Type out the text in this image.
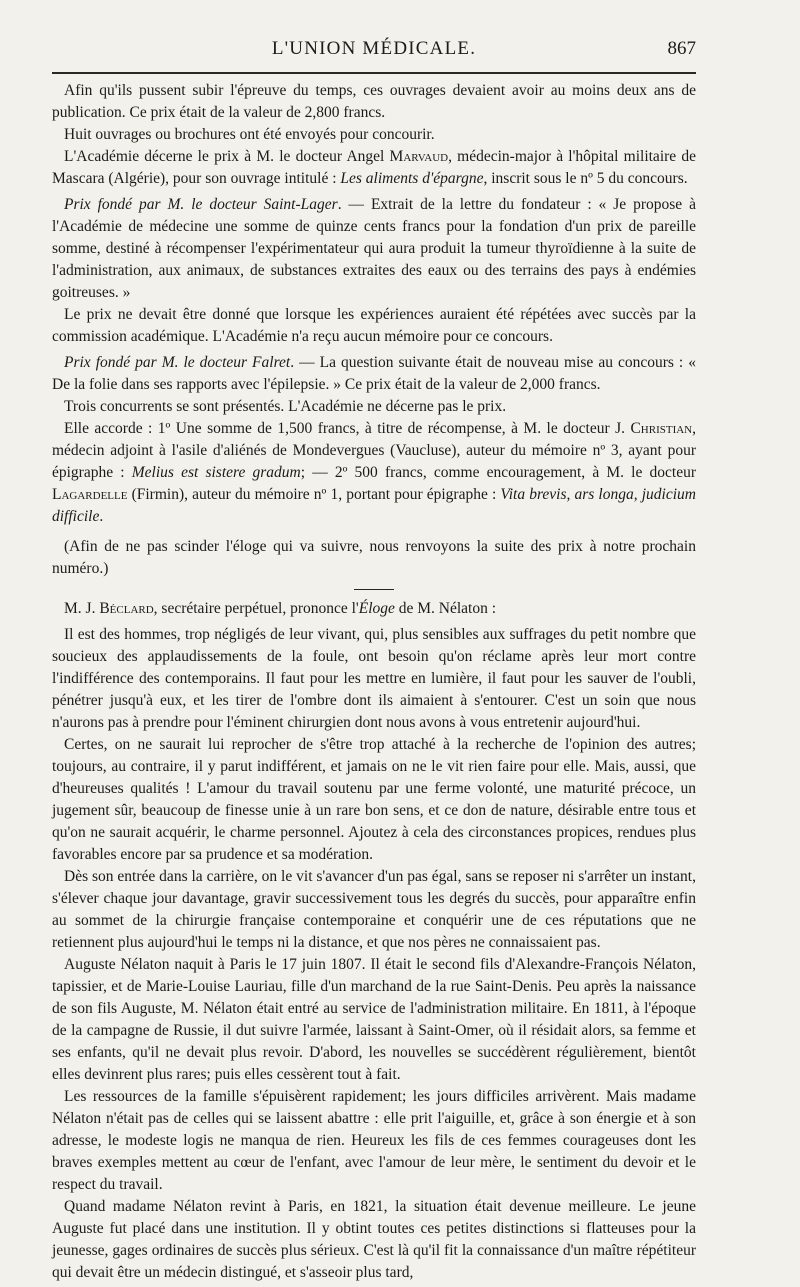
L'UNION MÉDICALE.	867

Afin qu'ils pussent subir l'épreuve du temps, ces ouvrages devaient avoir au moins deux ans de publication. Ce prix était de la valeur de 2,800 francs.

Huit ouvrages ou brochures ont été envoyés pour concourir.

L'Académie décerne le prix à M. le docteur Angel Marvaud, médecin-major à l'hôpital militaire de Mascara (Algérie), pour son ouvrage intitulé : Les aliments d'épargne, inscrit sous le nº 5 du concours.

Prix fondé par M. le docteur Saint-Lager. — Extrait de la lettre du fondateur : « Je propose à l'Académie de médecine une somme de quinze cents francs pour la fondation d'un prix de pareille somme, destiné à récompenser l'expérimentateur qui aura produit la tumeur thyroïdienne à la suite de l'administration, aux animaux, de substances extraites des eaux ou des terrains des pays à endémies goitreuses. »

Le prix ne devait être donné que lorsque les expériences auraient été répétées avec succès par la commission académique. L'Académie n'a reçu aucun mémoire pour ce concours.

Prix fondé par M. le docteur Falret. — La question suivante était de nouveau mise au concours : « De la folie dans ses rapports avec l'épilepsie. » Ce prix était de la valeur de 2,000 francs.

Trois concurrents se sont présentés. L'Académie ne décerne pas le prix.

Elle accorde : 1º Une somme de 1,500 francs, à titre de récompense, à M. le docteur J. Christian, médecin adjoint à l'asile d'aliénés de Mondevergues (Vaucluse), auteur du mémoire nº 3, ayant pour épigraphe : Melius est sistere gradum; — 2º 500 francs, comme encouragement, à M. le docteur Lagardelle (Firmin), auteur du mémoire nº 1, portant pour épigraphe : Vita brevis, ars longa, judicium difficile.

(Afin de ne pas scinder l'éloge qui va suivre, nous renvoyons la suite des prix à notre prochain numéro.)

M. J. Béclard, secrétaire perpétuel, prononce l'Éloge de M. Nélaton :

Il est des hommes, trop négligés de leur vivant, qui, plus sensibles aux suffrages du petit nombre que soucieux des applaudissements de la foule, ont besoin qu'on réclame après leur mort contre l'indifférence des contemporains. Il faut pour les mettre en lumière, il faut pour les sauver de l'oubli, pénétrer jusqu'à eux, et les tirer de l'ombre dont ils aimaient à s'entourer. C'est un soin que nous n'aurons pas à prendre pour l'éminent chirurgien dont nous avons à vous entretenir aujourd'hui.

Certes, on ne saurait lui reprocher de s'être trop attaché à la recherche de l'opinion des autres; toujours, au contraire, il y parut indifférent, et jamais on ne le vit rien faire pour elle. Mais, aussi, que d'heureuses qualités ! L'amour du travail soutenu par une ferme volonté, une maturité précoce, un jugement sûr, beaucoup de finesse unie à un rare bon sens, et ce don de nature, désirable entre tous et qu'on ne saurait acquérir, le charme personnel. Ajoutez à cela des circonstances propices, rendues plus favorables encore par sa prudence et sa modération.

Dès son entrée dans la carrière, on le vit s'avancer d'un pas égal, sans se reposer ni s'arrêter un instant, s'élever chaque jour davantage, gravir successivement tous les degrés du succès, pour apparaître enfin au sommet de la chirurgie française contemporaine et conquérir une de ces réputations que ne retiennent plus aujourd'hui le temps ni la distance, et que nos pères ne connaissaient pas.

Auguste Nélaton naquit à Paris le 17 juin 1807. Il était le second fils d'Alexandre-François Nélaton, tapissier, et de Marie-Louise Lauriau, fille d'un marchand de la rue Saint-Denis. Peu après la naissance de son fils Auguste, M. Nélaton était entré au service de l'administration militaire. En 1811, à l'époque de la campagne de Russie, il dut suivre l'armée, laissant à Saint-Omer, où il résidait alors, sa femme et ses enfants, qu'il ne devait plus revoir. D'abord, les nouvelles se succédèrent régulièrement, bientôt elles devinrent plus rares; puis elles cessèrent tout à fait.

Les ressources de la famille s'épuisèrent rapidement; les jours difficiles arrivèrent. Mais madame Nélaton n'était pas de celles qui se laissent abattre : elle prit l'aiguille, et, grâce à son énergie et à son adresse, le modeste logis ne manqua de rien. Heureux les fils de ces femmes courageuses dont les braves exemples mettent au cœur de l'enfant, avec l'amour de leur mère, le sentiment du devoir et le respect du travail.

Quand madame Nélaton revint à Paris, en 1821, la situation était devenue meilleure. Le jeune Auguste fut placé dans une institution. Il y obtint toutes ces petites distinctions si flatteuses pour la jeunesse, gages ordinaires de succès plus sérieux. C'est là qu'il fit la connaissance d'un maître répétiteur qui devait être un médecin distingué, et s'asseoir plus tard,
